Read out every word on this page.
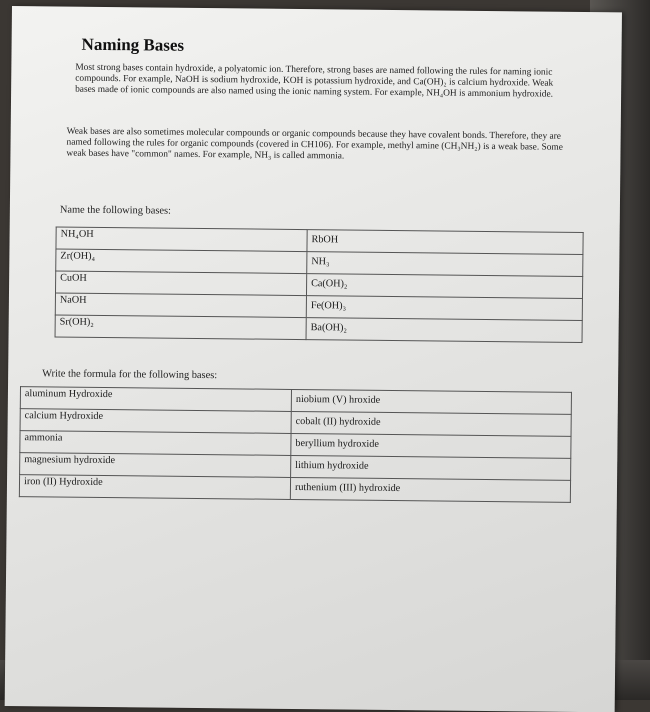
Naming Bases
Most strong bases contain hydroxide, a polyatomic ion. Therefore, strong bases are named following the rules for naming ionic compounds. For example, NaOH is sodium hydroxide, KOH is potassium hydroxide, and Ca(OH)₂ is calcium hydroxide. Weak bases made of ionic compounds are also named using the ionic naming system. For example, NH₄OH is ammonium hydroxide.
Weak bases are also sometimes molecular compounds or organic compounds because they have covalent bonds. Therefore, they are named following the rules for organic compounds (covered in CH106). For example, methyl amine (CH₃NH₂) is a weak base. Some weak bases have "common" names. For example, NH₃ is called ammonia.
Name the following bases:
NH₄OH	RbOH

Zr(OH)₄	NH₃

CuOH	Ca(OH)₂

NaOH	Fe(OH)₃

Sr(OH)₂	Ba(OH)₂
Write the formula for the following bases:
aluminum Hydroxide	niobium (V) hroxide

calcium Hydroxide	cobalt (II) hydroxide

ammonia	beryllium hydroxide

magnesium hydroxide	lithium hydroxide

iron (II) Hydroxide	ruthenium (III) hydroxide
